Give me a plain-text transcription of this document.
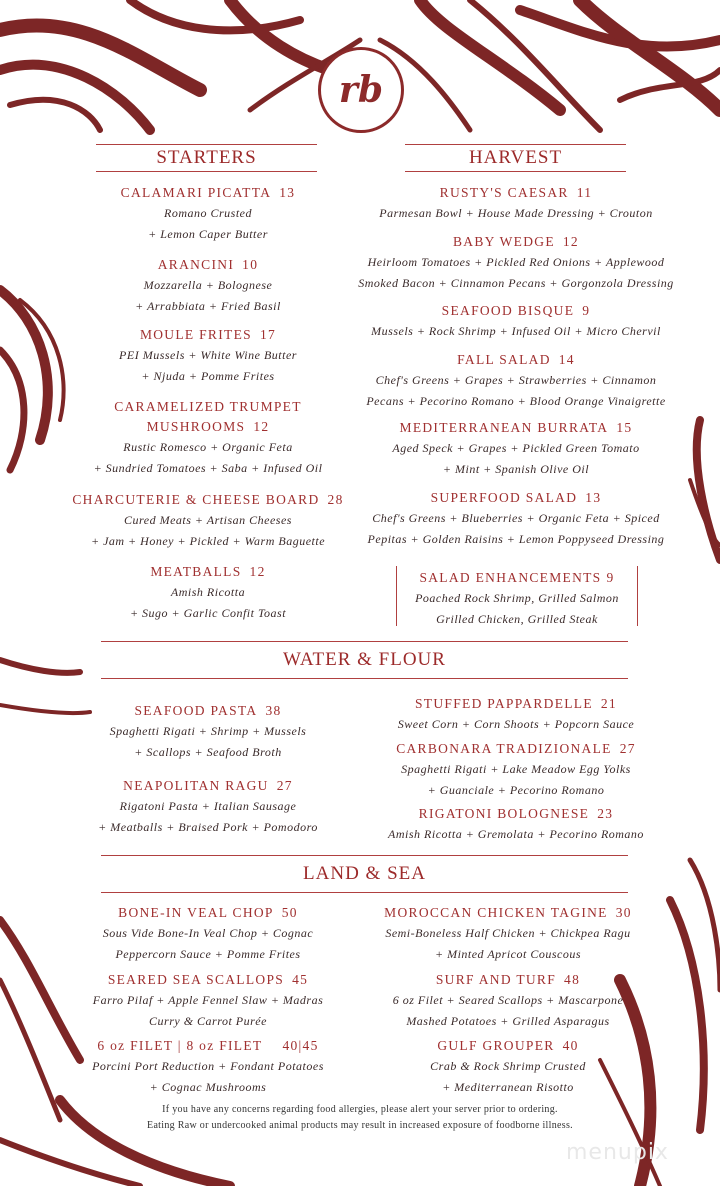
rb
STARTERS
CALAMARI PICATTA 13
Romano Crusted
+ Lemon Caper Butter
ARANCINI 10
Mozzarella + Bolognese
+ Arrabbiata + Fried Basil
MOULE FRITES 17
PEI Mussels + White Wine Butter
+ Njuda + Pomme Frites
CARAMELIZED TRUMPET
MUSHROOMS 12
Rustic Romesco + Organic Feta
+ Sundried Tomatoes + Saba + Infused Oil
CHARCUTERIE & CHEESE BOARD 28
Cured Meats + Artisan Cheeses
+ Jam + Honey + Pickled + Warm Baguette
MEATBALLS 12
Amish Ricotta
+ Sugo + Garlic Confit Toast
HARVEST
RUSTY'S CAESAR 11
Parmesan Bowl + House Made Dressing + Crouton
BABY WEDGE 12
Heirloom Tomatoes + Pickled Red Onions + Applewood
Smoked Bacon + Cinnamon Pecans + Gorgonzola Dressing
SEAFOOD BISQUE 9
Mussels + Rock Shrimp + Infused Oil + Micro Chervil
FALL SALAD 14
Chef's Greens + Grapes + Strawberries + Cinnamon
Pecans + Pecorino Romano + Blood Orange Vinaigrette
MEDITERRANEAN BURRATA 15
Aged Speck + Grapes + Pickled Green Tomato
+ Mint + Spanish Olive Oil
SUPERFOOD SALAD 13
Chef's Greens + Blueberries + Organic Feta + Spiced
Pepitas + Golden Raisins + Lemon Poppyseed Dressing
SALAD ENHANCEMENTS 9
Poached Rock Shrimp, Grilled Salmon
Grilled Chicken, Grilled Steak
WATER & FLOUR
SEAFOOD PASTA 38
Spaghetti Rigati + Shrimp + Mussels
+ Scallops + Seafood Broth
NEAPOLITAN RAGU 27
Rigatoni Pasta + Italian Sausage
+ Meatballs + Braised Pork + Pomodoro
STUFFED PAPPARDELLE 21
Sweet Corn + Corn Shoots + Popcorn Sauce
CARBONARA TRADIZIONALE 27
Spaghetti Rigati + Lake Meadow Egg Yolks
+ Guanciale + Pecorino Romano
RIGATONI BOLOGNESE 23
Amish Ricotta + Gremolata + Pecorino Romano
LAND & SEA
BONE-IN VEAL CHOP 50
Sous Vide Bone-In Veal Chop + Cognac
Peppercorn Sauce + Pomme Frites
SEARED SEA SCALLOPS 45
Farro Pilaf + Apple Fennel Slaw + Madras
Curry & Carrot Purée
6 oz FILET | 8 oz FILET 40|45
Porcini Port Reduction + Fondant Potatoes
+ Cognac Mushrooms
MOROCCAN CHICKEN TAGINE 30
Semi-Boneless Half Chicken + Chickpea Ragu
+ Minted Apricot Couscous
SURF AND TURF 48
6 oz Filet + Seared Scallops + Mascarpone
Mashed Potatoes + Grilled Asparagus
GULF GROUPER 40
Crab & Rock Shrimp Crusted
+ Mediterranean Risotto
If you have any concerns regarding food allergies, please alert your server prior to ordering.
Eating Raw or undercooked animal products may result in increased exposure of foodborne illness.
menupix
